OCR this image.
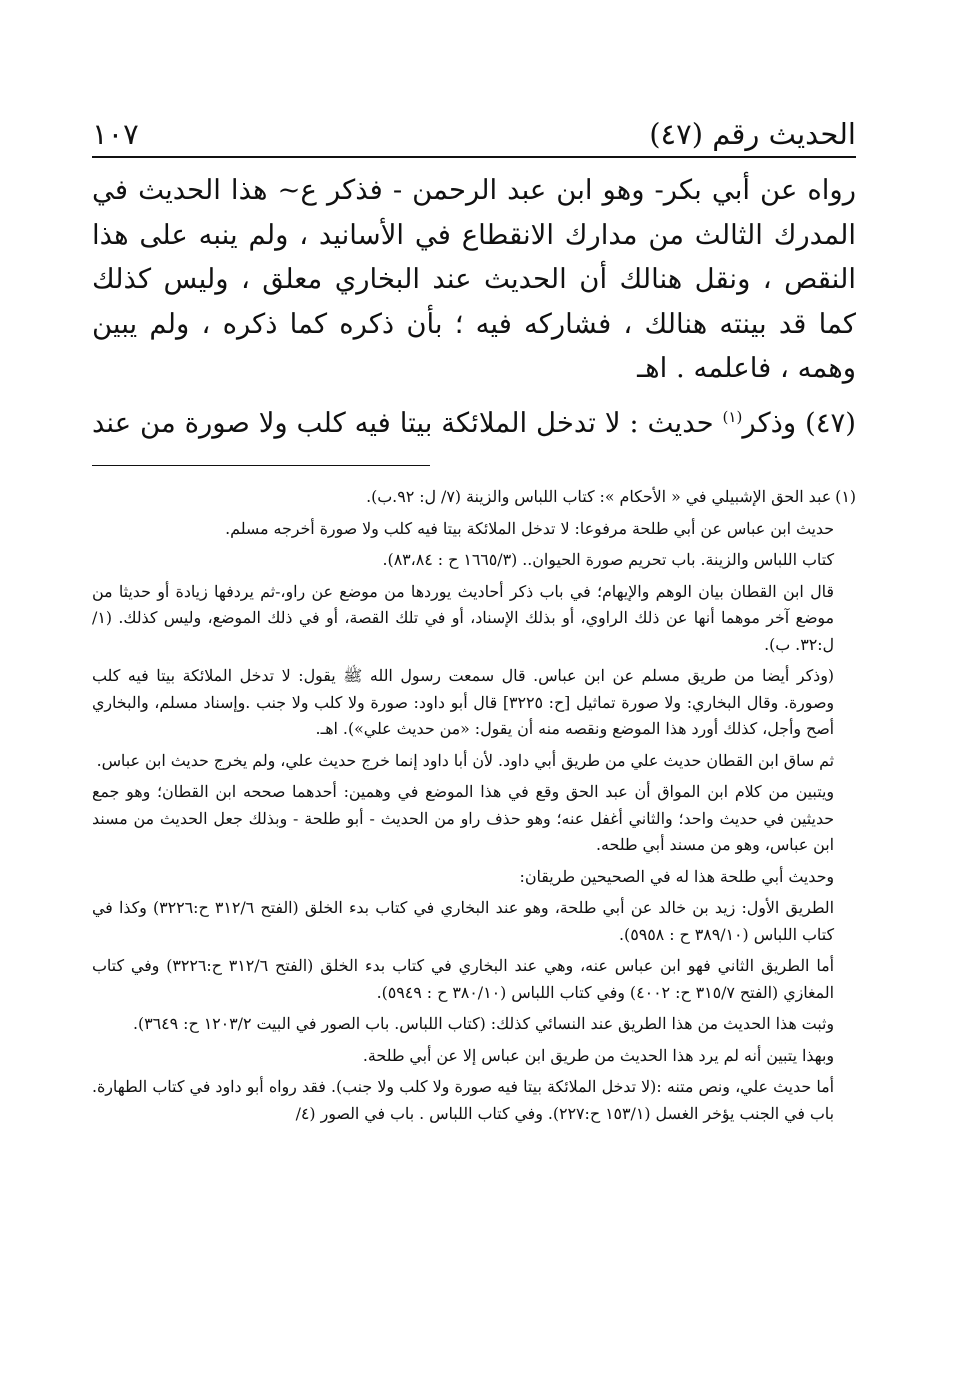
الحديث رقم (٤٧)
١٠٧

رواه عن أبي بكر- وهو ابن عبد الرحمن - فذكر ع~ هذا الحديث في المدرك الثالث من مدارك الانقطاع في الأسانيد ، ولم ينبه على هذا النقص ، ونقل هنالك أن الحديث عند البخاري معلق ، وليس كذلك كما قد بينته هنالك ، فشاركه فيه ؛ بأن ذكره كما ذكره ، ولم يبين وهمه ، فاعلمه . اهـ

(٤٧) وذكر$^{(١)}$ حديث : لا تدخل الملائكة بيتا فيه كلب ولا صورة من عند

(١)عبد الحق الإشبيلي في « الأحكام »: كتاب اللباس والزينة (٧/ ل: ٩٢.ب).

حديث ابن عباس عن أبي طلحة مرفوعا: لا تدخل الملائكة بيتا فيه كلب ولا صورة أخرجه مسلم.

كتاب اللباس والزينة. باب تحريم صورة الحيوان.. (١٦٦٥/٣ ح : ٨٣،٨٤).

قال ابن القطان بيان الوهم والإيهام؛ في باب ذكر أحاديث يوردها من موضع عن راو،-ثم يردفها زيادة أو حديثا من موضع آخر موهما أنها عن ذلك الراوي، أو بذلك الإسناد، أو في تلك القصة، أو في ذلك الموضع، وليس كذلك. (١/ل:٣٢. ب).

(وذكر أيضا من طريق مسلم عن ابن عباس. قال سمعت رسول الله ﷺ يقول: لا تدخل الملائكة بيتا فيه كلب وصورة. وقال البخاري: ولا صورة تماثيل [ح: ٣٢٢٥] قال أبو داود: صورة ولا كلب ولا جنب .وإسناد مسلم، والبخاري أصح وأجل، كذلك أورد هذا الموضع ونقصه منه أن يقول: «من حديث علي»). اهـ.

ثم ساق ابن القطان حديث علي من طريق أبي داود. لأن أبا داود إنما خرج حديث علي، ولم يخرج حديث ابن عباس.

ويتبين من كلام ابن المواق أن عبد الحق وقع في هذا الموضع في وهمين: أحدهما صححه ابن القطان؛ وهو جمع حديثين في حديث واحد؛ والثاني أغفل عنه؛ وهو حذف راو من الحديث - أبو طلحة - وبذلك جعل الحديث من مسند ابن عباس، وهو من مسند أبي طلحه.

وحديث أبي طلحة هذا له في الصحيحين طريقان:

الطريق الأول: زيد بن خالد عن أبي طلحة، وهو عند البخاري في كتاب بدء الخلق (الفتح ٣١٢/٦ ح:٣٢٢٦) وكذا في كتاب اللباس (٣٨٩/١٠ ح : ٥٩٥٨).

أما الطريق الثاني فهو ابن عباس عنه، وهي عند البخاري في كتاب بدء الخلق (الفتح ٣١٢/٦ ح:٣٢٢٦) وفي كتاب المغازي (الفتح ٣١٥/٧ ح: ٤٠٠٢) وفي كتاب اللباس (٣٨٠/١٠ ح : ٥٩٤٩).

وثبت هذا الحديث من هذا الطريق عند النسائي كذلك: (كتاب اللباس. باب الصور في البيت ١٢٠٣/٢ ح: ٣٦٤٩).

وبهذا يتبين أنه لم يرد هذا الحديث من طريق ابن عباس إلا عن أبي طلحة.

أما حديث علي، ونص متنه :(لا تدخل الملائكة بيتا فيه صورة ولا كلب ولا جنب). فقد رواه أبو داود في كتاب الطهارة. باب في الجنب يؤخر الغسل (١٥٣/١ ح:٢٢٧). وفي كتاب اللباس . باب في الصور (٤/
